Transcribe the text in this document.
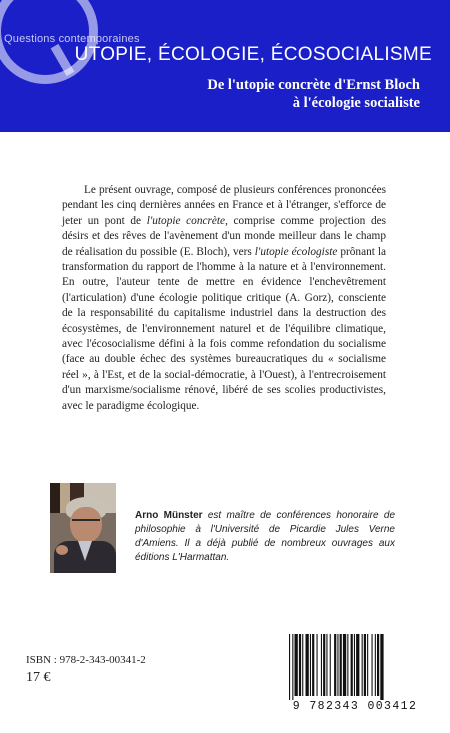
Questions contemporaines
UTOPIE, ÉCOLOGIE, ÉCOSOCIALISME
De l'utopie concrète d'Ernst Bloch
à l'écologie socialiste
Le présent ouvrage, composé de plusieurs conférences prononcées pendant les cinq dernières années en France et à l'étranger, s'efforce de jeter un pont de l'utopie concrète, comprise comme projection des désirs et des rêves de l'avènement d'un monde meilleur dans le champ de réalisation du possible (E. Bloch), vers l'utopie écologiste prônant la transformation du rapport de l'homme à la nature et à l'environnement. En outre, l'auteur tente de mettre en évidence l'enchevêtrement (l'articulation) d'une écologie politique critique (A. Gorz), consciente de la responsabilité du capitalisme industriel dans la destruction des écosystèmes, de l'environnement naturel et de l'équilibre climatique, avec l'écosocialisme défini à la fois comme refondation du socialisme (face au double échec des systèmes bureaucratiques du « socialisme réel », à l'Est, et de la social-démocratie, à l'Ouest), à l'entrecroisement d'un marxisme/socialisme rénové, libéré de ses scolies productivistes, avec le paradigme écologique.
Arno Münster est maître de conférences honoraire de philosophie à l'Université de Picardie Jules Verne d'Amiens. Il a déjà publié de nombreux ouvrages aux éditions L'Harmattan.
ISBN : 978-2-343-00341-2
17 €
9 782343 003412
